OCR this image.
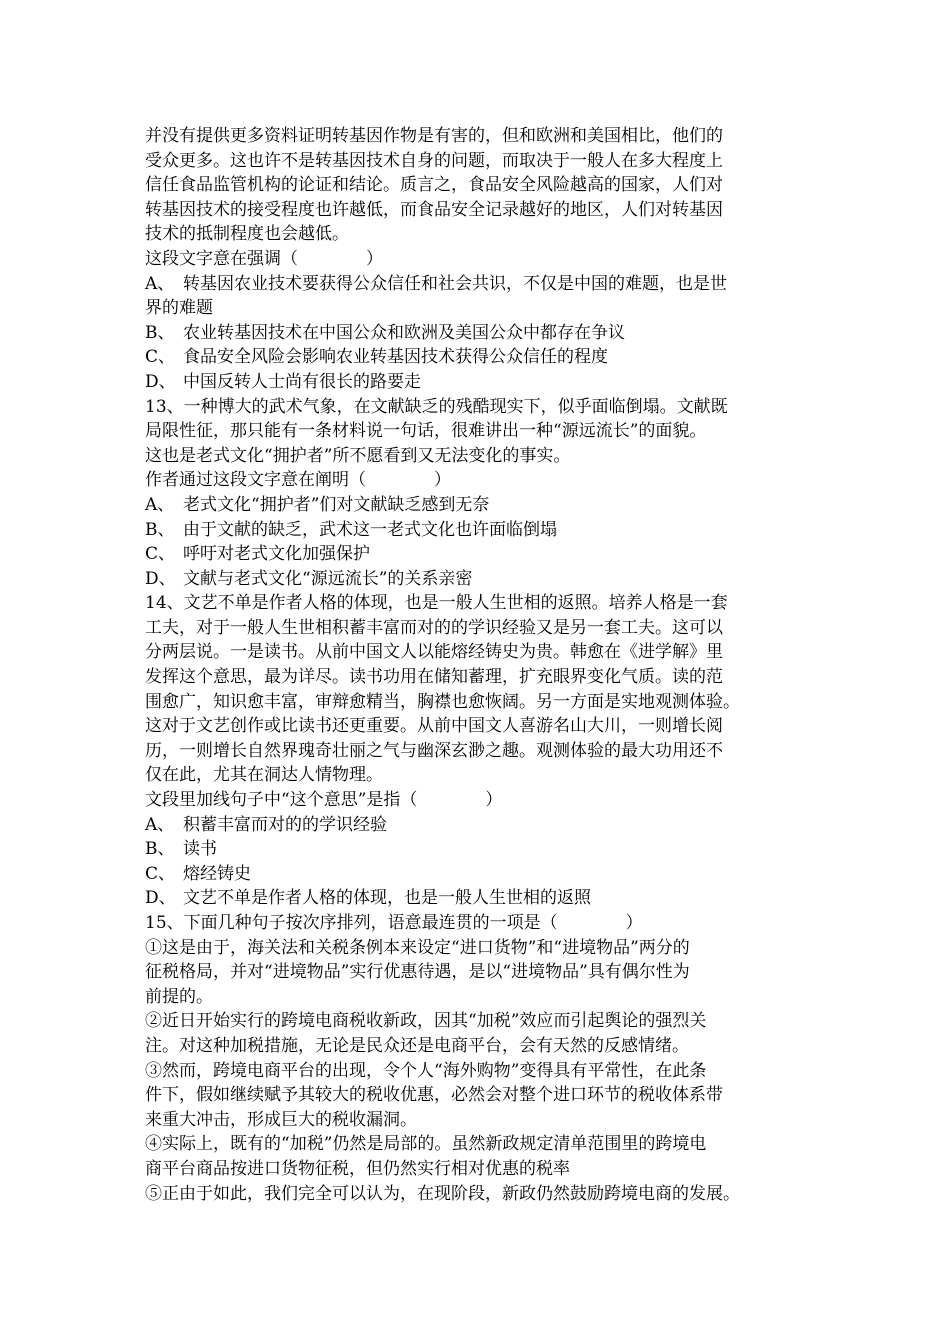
并没有提供更多资料证明转基因作物是有害的，但和欧洲和美国相比，他们的
受众更多。这也许不是转基因技术自身的问题，而取决于一般人在多大程度上
信任食品监管机构的论证和结论。质言之，食品安全风险越高的国家，人们对
转基因技术的接受程度也许越低，而食品安全记录越好的地区，人们对转基因
技术的抵制程度也会越低。
这段文字意在强调（　　　　）
A、 转基因农业技术要获得公众信任和社会共识，不仅是中国的难题，也是世
界的难题
B、 农业转基因技术在中国公众和欧洲及美国公众中都存在争议
C、 食品安全风险会影响农业转基因技术获得公众信任的程度
D、 中国反转人士尚有很长的路要走
13、一种博大的武术气象，在文献缺乏的残酷现实下，似乎面临倒塌。文献既
局限性征，那只能有一条材料说一句话，很难讲出一种“源远流长”的面貌。
这也是老式文化“拥护者”所不愿看到又无法变化的事实。
作者通过这段文字意在阐明（　　　　）
A、 老式文化“拥护者”们对文献缺乏感到无奈
B、 由于文献的缺乏，武术这一老式文化也许面临倒塌
C、 呼吁对老式文化加强保护
D、 文献与老式文化“源远流长”的关系亲密
14、文艺不单是作者人格的体现，也是一般人生世相的返照。培养人格是一套
工夫，对于一般人生世相积蓄丰富而对的的学识经验又是另一套工夫。这可以
分两层说。一是读书。从前中国文人以能熔经铸史为贵。韩愈在《进学解》里
发挥这个意思，最为详尽。读书功用在储知蓄理，扩充眼界变化气质。读的范
围愈广，知识愈丰富，审辩愈精当，胸襟也愈恢阔。另一方面是实地观测体验。
这对于文艺创作或比读书还更重要。从前中国文人喜游名山大川，一则增长阅
历，一则增长自然界瑰奇壮丽之气与幽深玄渺之趣。观测体验的最大功用还不
仅在此，尤其在洞达人情物理。
文段里加线句子中“这个意思”是指（　　　　）
A、 积蓄丰富而对的的学识经验
B、 读书
C、 熔经铸史
D、 文艺不单是作者人格的体现，也是一般人生世相的返照
15、下面几种句子按次序排列，语意最连贯的一项是（　　　　）
①这是由于，海关法和关税条例本来设定“进口货物”和“进境物品”两分的
征税格局，并对“进境物品”实行优惠待遇，是以“进境物品”具有偶尔性为
前提的。
②近日开始实行的跨境电商税收新政，因其“加税”效应而引起舆论的强烈关
注。对这种加税措施，无论是民众还是电商平台，会有天然的反感情绪。
③然而，跨境电商平台的出现，令个人“海外购物”变得具有平常性，在此条
件下，假如继续赋予其较大的税收优惠，必然会对整个进口环节的税收体系带
来重大冲击，形成巨大的税收漏洞。
④实际上，既有的“加税”仍然是局部的。虽然新政规定清单范围里的跨境电
商平台商品按进口货物征税，但仍然实行相对优惠的税率
⑤正由于如此，我们完全可以认为，在现阶段，新政仍然鼓励跨境电商的发展。
